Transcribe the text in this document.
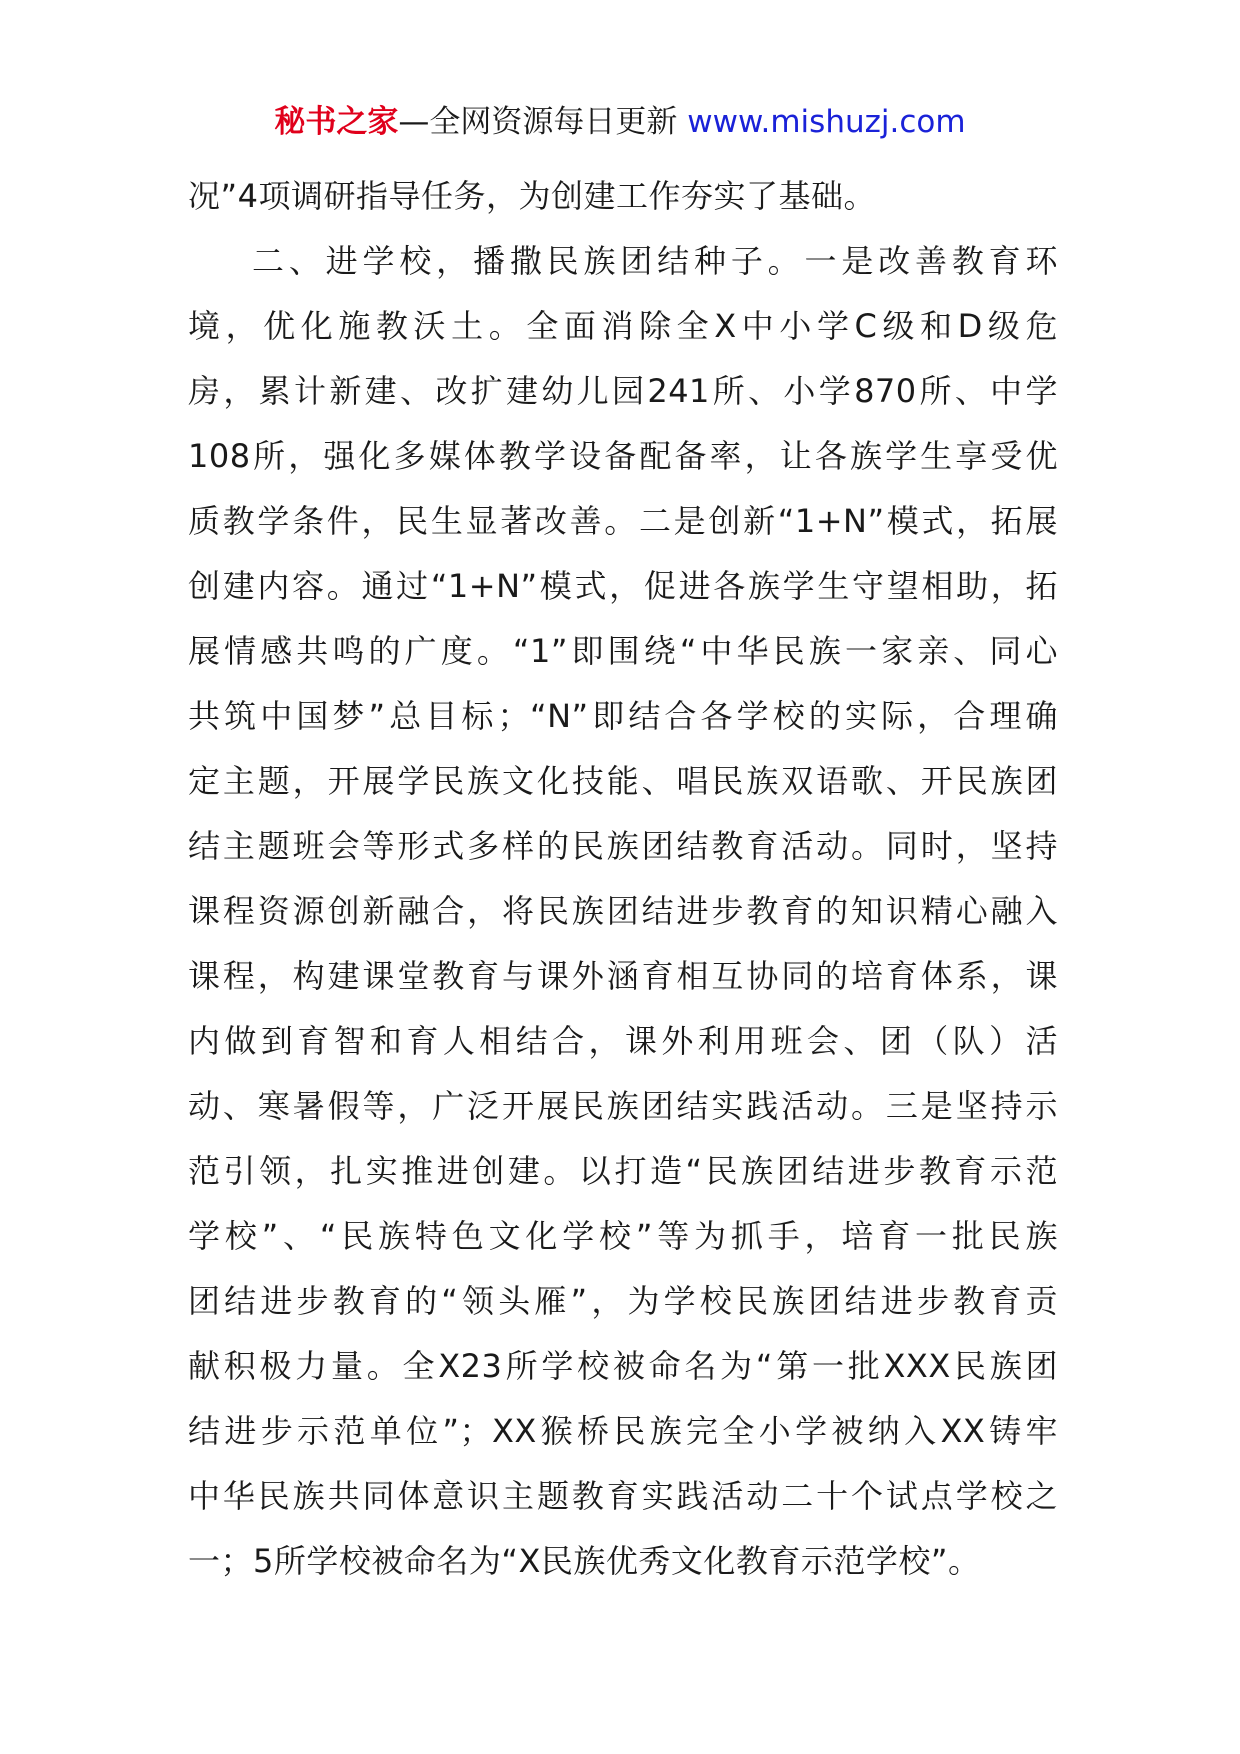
秘书之家—全网资源每日更新 www.mishuzj.com
况”4项调研指导任务，为创建工作夯实了基础。
二、进学校，播撒民族团结种子。一是改善教育环
境，优化施教沃土。全面消除全X中小学C级和D级危
房，累计新建、改扩建幼儿园241所、小学870所、中学
108所，强化多媒体教学设备配备率，让各族学生享受优
质教学条件，民生显著改善。二是创新“1+N”模式，拓展
创建内容。通过“1+N”模式，促进各族学生守望相助，拓
展情感共鸣的广度。“1”即围绕“中华民族一家亲、同心
共筑中国梦”总目标；“N”即结合各学校的实际，合理确
定主题，开展学民族文化技能、唱民族双语歌、开民族团
结主题班会等形式多样的民族团结教育活动。同时，坚持
课程资源创新融合，将民族团结进步教育的知识精心融入
课程，构建课堂教育与课外涵育相互协同的培育体系，课
内做到育智和育人相结合，课外利用班会、团（队）活
动、寒暑假等，广泛开展民族团结实践活动。三是坚持示
范引领，扎实推进创建。以打造“民族团结进步教育示范
学校”、“民族特色文化学校”等为抓手，培育一批民族
团结进步教育的“领头雁”，为学校民族团结进步教育贡
献积极力量。全X23所学校被命名为“第一批XXX民族团
结进步示范单位”；XX猴桥民族完全小学被纳入XX铸牢
中华民族共同体意识主题教育实践活动二十个试点学校之
一；5所学校被命名为“X民族优秀文化教育示范学校”。
